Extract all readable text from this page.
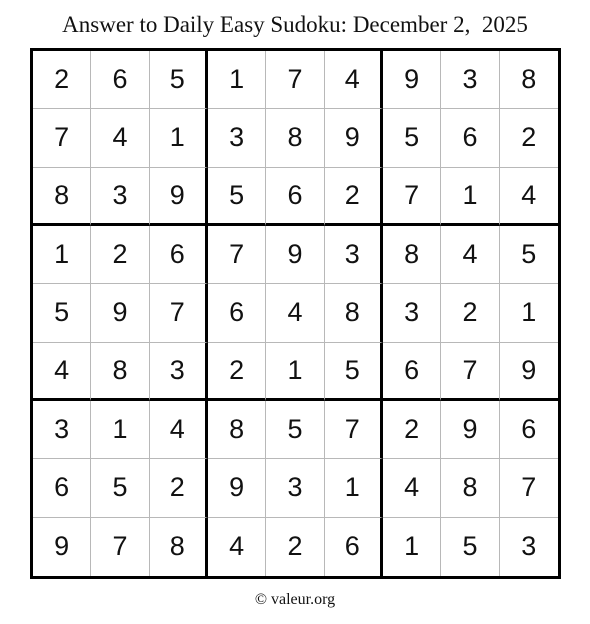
Answer to Daily Easy Sudoku: December 2,  2025
2	6	5	1	7	4	9	3	8
7	4	1	3	8	9	5	6	2
8	3	9	5	6	2	7	1	4
1	2	6	7	9	3	8	4	5
5	9	7	6	4	8	3	2	1
4	8	3	2	1	5	6	7	9
3	1	4	8	5	7	2	9	6
6	5	2	9	3	1	4	8	7
9	7	8	4	2	6	1	5	3
© valeur.org
